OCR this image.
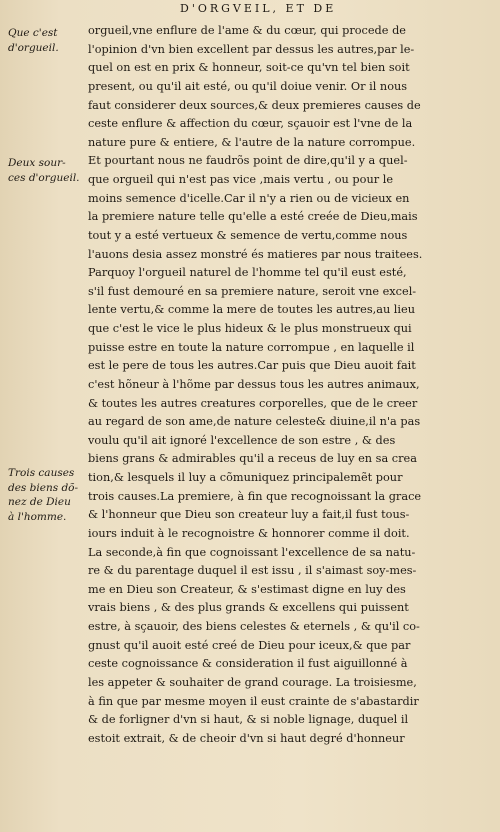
D'ORGVEIL, ET DE
Que c'est
d'orgueil.
Deux sour-
ces d'orgueil.
Trois causes
des biens dõ-
nez de Dieu
à l'homme.
orgueil,vne enflure de l'ame & du cœur, qui procede de
l'opinion d'vn bien excellent par dessus les autres,par le-
quel on est en prix & honneur, soit-ce qu'vn tel bien soit
present, ou qu'il ait esté, ou qu'il doiue venir. Or il nous
faut considerer deux sources,& deux premieres causes de
ceste enflure & affection du cœur, sçauoir est l'vne de la
nature pure & entiere, & l'autre de la nature corrompue.
Et pourtant nous ne faudrõs point de dire,qu'il y a quel-
que orgueil qui n'est pas vice ,mais vertu , ou pour le
moins semence d'icelle.Car il n'y a rien ou de vicieux en
la premiere nature telle qu'elle a esté creée de Dieu,mais
tout y a esté vertueux & semence de vertu,comme nous
l'auons desia assez monstré és matieres par nous traitees.
Parquoy l'orgueil naturel de l'homme tel qu'il eust esté,
s'il fust demouré en sa premiere nature, seroit vne excel-
lente vertu,& comme la mere de toutes les autres,au lieu
que c'est le vice le plus hideux & le plus monstrueux qui
puisse estre en toute la nature corrompue , en laquelle il
est le pere de tous les autres.Car puis que Dieu auoit fait
c'est hõneur à l'hõme par dessus tous les autres animaux,
& toutes les autres creatures corporelles, que de le creer
au regard de son ame,de nature celeste& diuine,il n'a pas
voulu qu'il ait ignoré l'excellence de son estre , & des
biens grans & admirables qu'il a receus de luy en sa crea
tion,& lesquels il luy a cõmuniquez principalemẽt pour
trois causes.La premiere, à fin que recognoissant la grace
& l'honneur que Dieu son createur luy a fait,il fust tous-
iours induit à le recognoistre & honnorer comme il doit.
La seconde,à fin que cognoissant l'excellence de sa natu-
re & du parentage duquel il est issu , il s'aimast soy-mes-
me en Dieu son Createur, & s'estimast digne en luy des
vrais biens , & des plus grands & excellens qui puissent
estre, à sçauoir, des biens celestes & eternels , & qu'il co-
gnust qu'il auoit esté creé de Dieu pour iceux,& que par
ceste cognoissance & consideration il fust aiguillonné à
les appeter & souhaiter de grand courage. La troisiesme,
à fin que par mesme moyen il eust crainte de s'abastardir
& de forligner d'vn si haut, & si noble lignage, duquel il
estoit extrait, & de cheoir d'vn si haut degré d'honneur
